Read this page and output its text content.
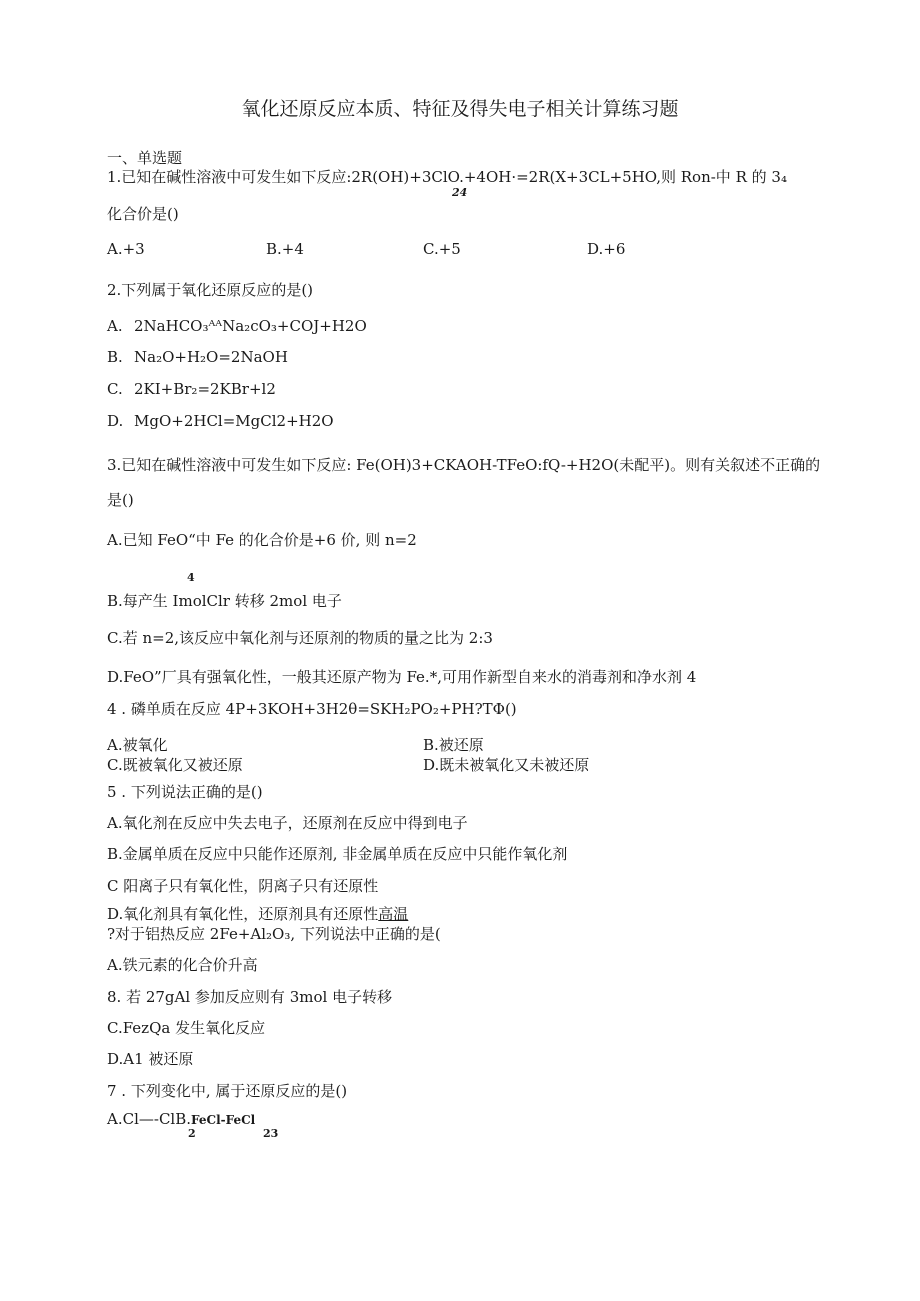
氧化还原反应本质、特征及得失电子相关计算练习题
一、单选题
1.已知在碱性溶液中可发生如下反应:2R(OH)+3ClO.+4OH·=2R(X+3CL+5HO,则 Ron-中 R 的 3₄
24
化合价是()
A.+3	B.+4	C.+5	D.+6
2.下列属于氧化还原反应的是()
A. 2NaHCO₃ᴬᴬNa₂cO₃+COJ+H2O
B. Na₂O+H₂O=2NaOH
C. 2KI+Br₂=2KBr+l2
D. MgO+2HCl=MgCl2+H2O
3.已知在碱性溶液中可发生如下反应: Fe(OH)3+CKAOH-TFeO:fQ-+H2O(未配平)。则有关叙述不正确的
是()
A.已知 FeO“中 Fe 的化合价是+6 价, 则 n=2
4
B.每产生 ImolClr 转移 2mol 电子
C.若 n=2,该反应中氧化剂与还原剂的物质的量之比为 2:3
D.FeO”厂具有强氧化性，一般其还原产物为 Fe.*,可用作新型自来水的消毒剂和净水剂 4
4 . 磷单质在反应 4P+3KOH+3H2θ=SKH₂PO₂+PH?TΦ()
A.被氧化	B.被还原
C.既被氧化又被还原	D.既未被氧化又未被还原
5 . 下列说法正确的是()
A.氧化剂在反应中失去电子，还原剂在反应中得到电子
B.金属单质在反应中只能作还原剂, 非金属单质在反应中只能作氧化剂
C 阳离子只有氧化性，阴离子只有还原性
D.氧化剂具有氧化性，还原剂具有还原性高温
?对于铝热反应 2Fe+Al₂O₃, 下列说法中正确的是(
A.铁元素的化合价升高
8. 若 27gAl 参加反应则有 3mol 电子转移
C.FezQa 发生氧化反应
D.A1 被还原
7 . 下列变化中, 属于还原反应的是()
A.Cl—-ClB.FeCl-FeCl
2	23
